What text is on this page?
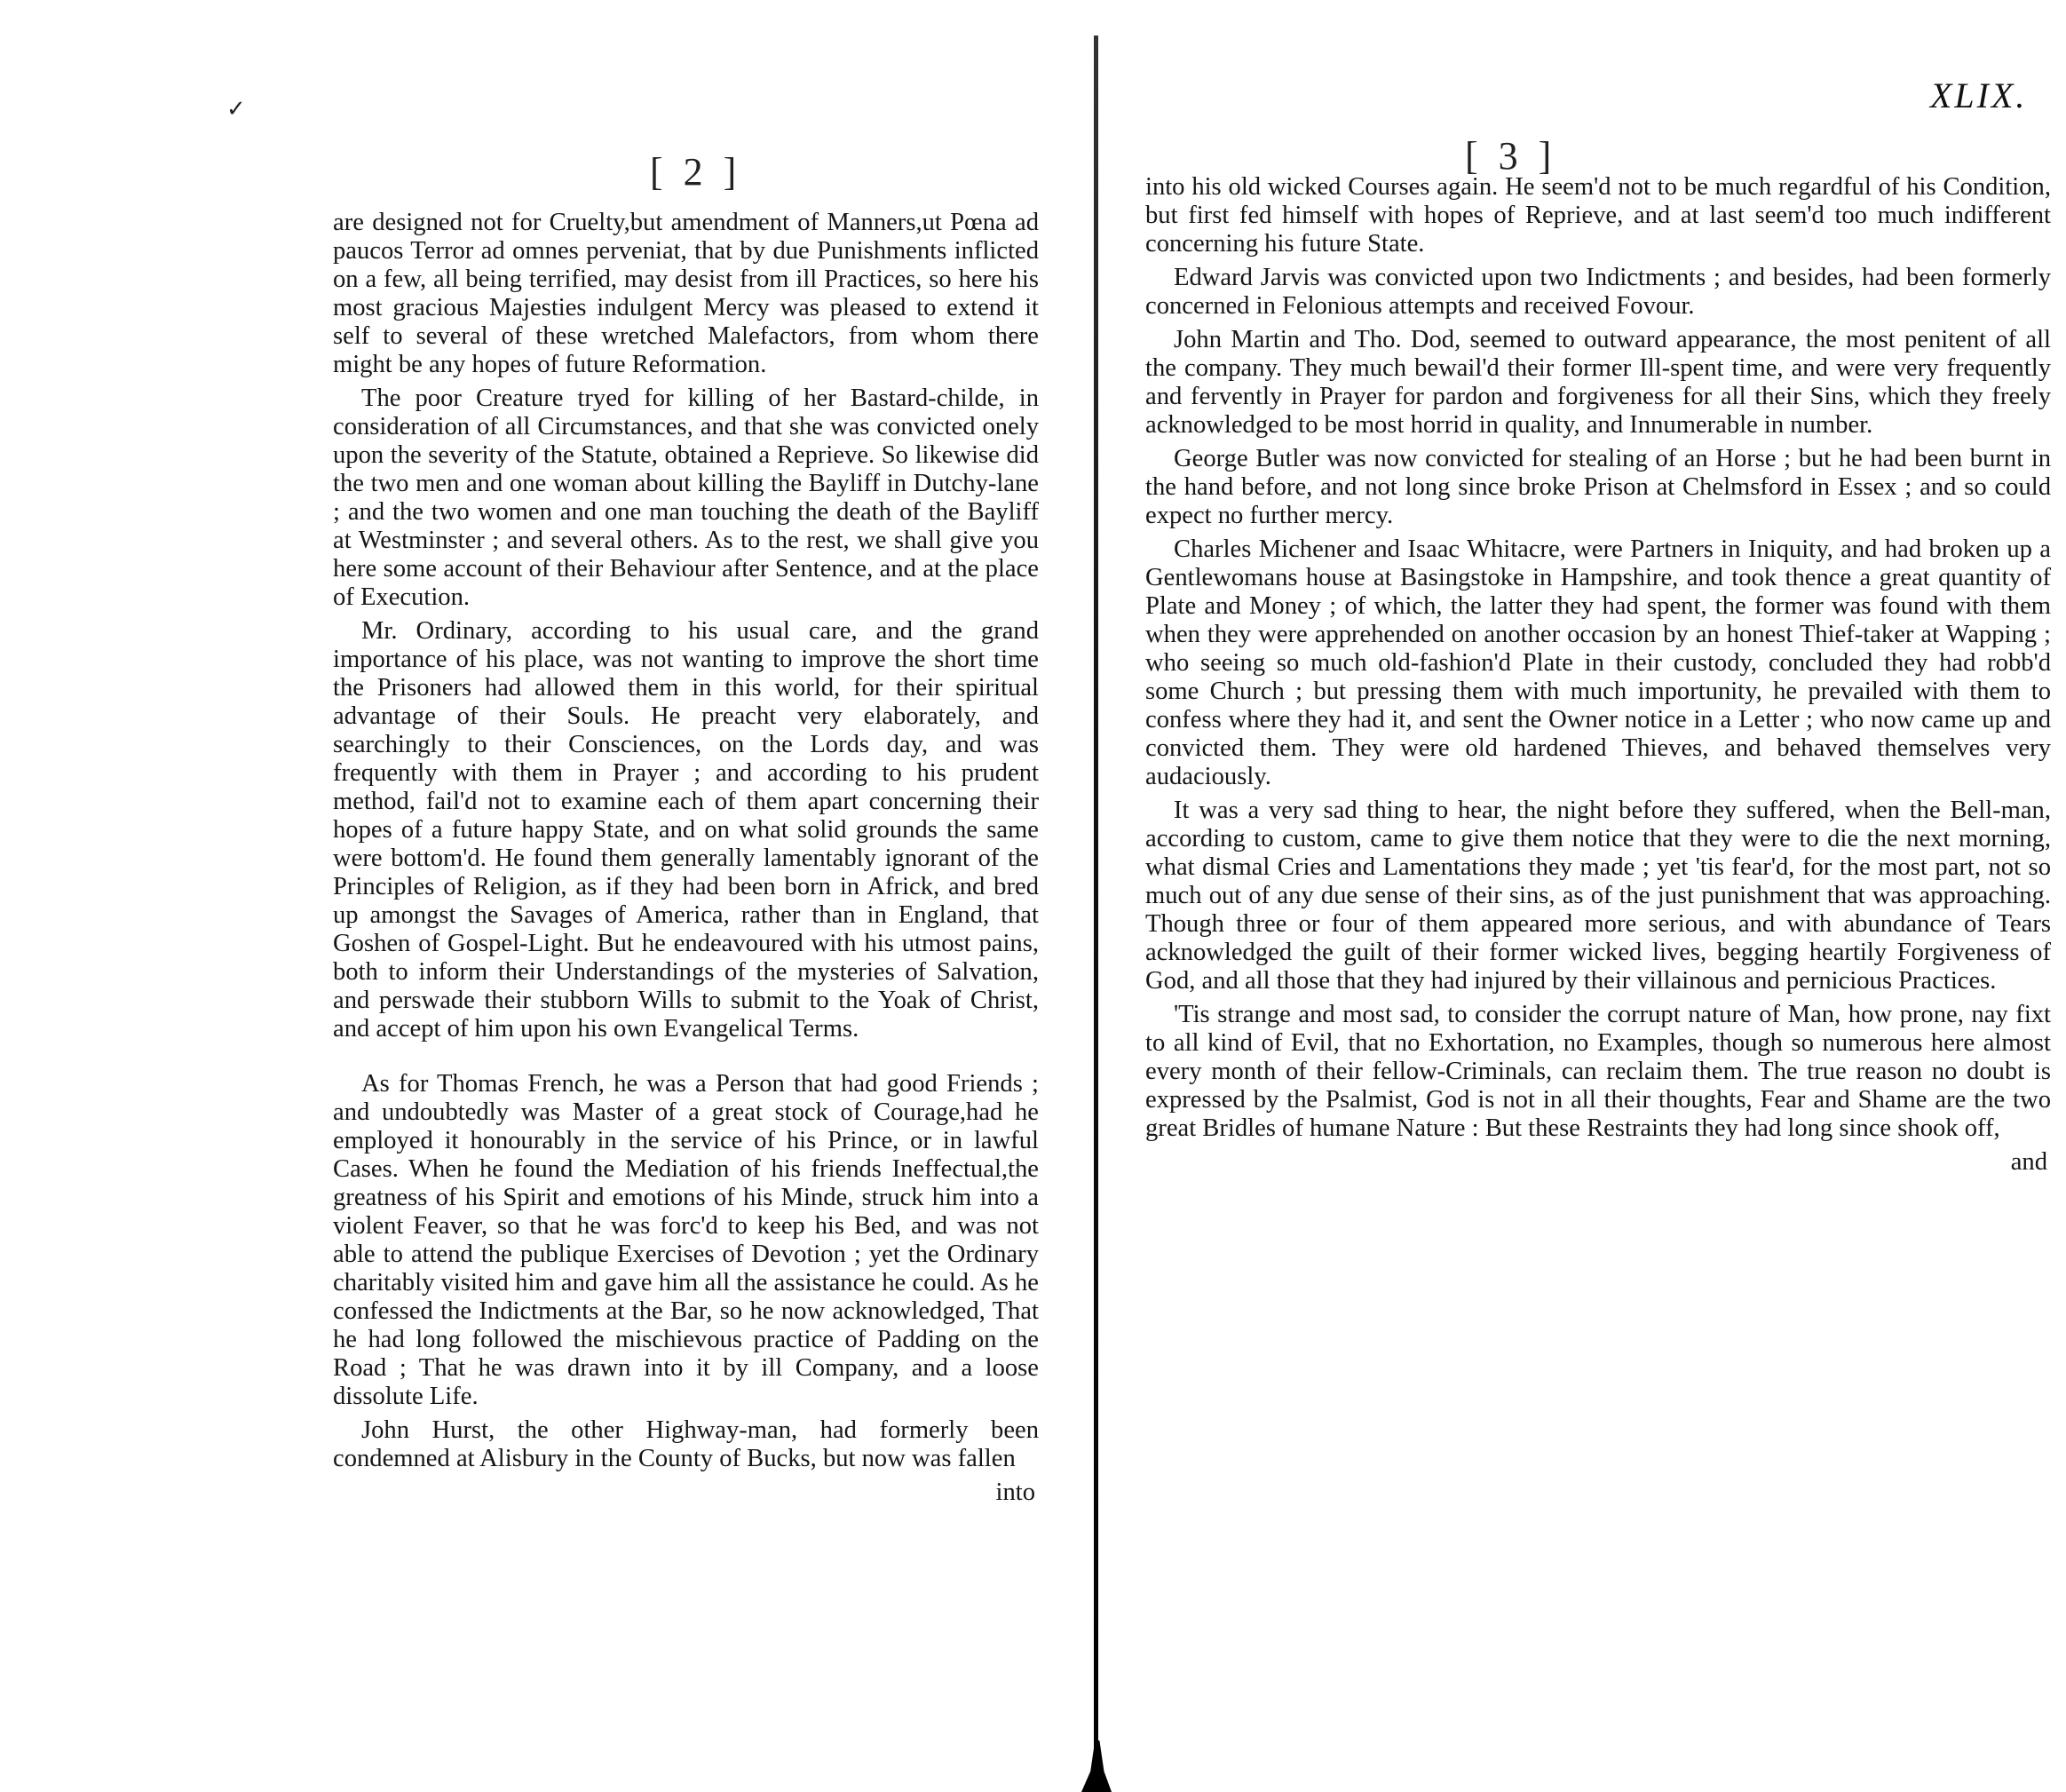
✓
[ 2 ]

are designed not for Cruelty,but amendment of Manners,ut Pœna ad paucos Terror ad omnes perveniat, that by due Punishments inflicted on a few, all being terrified, may desist from ill Practices, so here his most gracious Majesties indulgent Mercy was pleased to extend it self to several of these wretched Malefactors, from whom there might be any hopes of future Reformation.

The poor Creature tryed for killing of her Bastard-childe, in consideration of all Circumstances, and that she was convicted onely upon the severity of the Statute, obtained a Reprieve. So likewise did the two men and one woman about killing the Bayliff in Dutchy-lane ; and the two women and one man touching the death of the Bayliff at Westminster ; and several others. As to the rest, we shall give you here some account of their Behaviour after Sentence, and at the place of Execution.

Mr. Ordinary, according to his usual care, and the grand importance of his place, was not wanting to improve the short time the Prisoners had allowed them in this world, for their spiritual advantage of their Souls. He preacht very elaborately, and searchingly to their Consciences, on the Lords day, and was frequently with them in Prayer ; and according to his prudent method, fail'd not to examine each of them apart concerning their hopes of a future happy State, and on what solid grounds the same were bottom'd. He found them generally lamentably ignorant of the Principles of Religion, as if they had been born in Africk, and bred up amongst the Savages of America, rather than in England, that Goshen of Gospel-Light. But he endeavoured with his utmost pains, both to inform their Understandings of the mysteries of Salvation, and perswade their stubborn Wills to submit to the Yoak of Christ, and accept of him upon his own Evangelical Terms.

As for Thomas French, he was a Person that had good Friends ; and undoubtedly was Master of a great stock of Courage,had he employed it honourably in the service of his Prince, or in lawful Cases. When he found the Mediation of his friends Ineffectual,the greatness of his Spirit and emotions of his Minde, struck him into a violent Feaver, so that he was forc'd to keep his Bed, and was not able to attend the publique Exercises of Devotion ; yet the Ordinary charitably visited him and gave him all the assistance he could. As he confessed the Indictments at the Bar, so he now acknowledged, That he had long followed the mischievous practice of Padding on the Road ; That he was drawn into it by ill Company, and a loose dissolute Life.

John Hurst, the other Highway-man, had formerly been condemned at Alisbury in the County of Bucks, but now was fallen

into

[ 3 ]
XLIX.

into his old wicked Courses again. He seem'd not to be much regardful of his Condition, but first fed himself with hopes of Reprieve, and at last seem'd too much indifferent concerning his future State.

Edward Jarvis was convicted upon two Indictments ; and besides, had been formerly concerned in Felonious attempts and received Fovour.

John Martin and Tho. Dod, seemed to outward appearance, the most penitent of all the company. They much bewail'd their former Ill-spent time, and were very frequently and fervently in Prayer for pardon and forgiveness for all their Sins, which they freely acknowledged to be most horrid in quality, and Innumerable in number.

George Butler was now convicted for stealing of an Horse ; but he had been burnt in the hand before, and not long since broke Prison at Chelmsford in Essex ; and so could expect no further mercy.

Charles Michener and Isaac Whitacre, were Partners in Iniquity, and had broken up a Gentlewomans house at Basingstoke in Hampshire, and took thence a great quantity of Plate and Money ; of which, the latter they had spent, the former was found with them when they were apprehended on another occasion by an honest Thief-taker at Wapping ; who seeing so much old-fashion'd Plate in their custody, concluded they had robb'd some Church ; but pressing them with much importunity, he prevailed with them to confess where they had it, and sent the Owner notice in a Letter ; who now came up and convicted them. They were old hardened Thieves, and behaved themselves very audaciously.

It was a very sad thing to hear, the night before they suffered, when the Bell-man, according to custom, came to give them notice that they were to die the next morning, what dismal Cries and Lamentations they made ; yet 'tis fear'd, for the most part, not so much out of any due sense of their sins, as of the just punishment that was approaching. Though three or four of them appeared more serious, and with abundance of Tears acknowledged the guilt of their former wicked lives, begging heartily Forgiveness of God, and all those that they had injured by their villainous and pernicious Practices.

'Tis strange and most sad, to consider the corrupt nature of Man, how prone, nay fixt to all kind of Evil, that no Exhortation, no Examples, though so numerous here almost every month of their fellow-Criminals, can reclaim them. The true reason no doubt is expressed by the Psalmist, God is not in all their thoughts, Fear and Shame are the two great Bridles of humane Nature : But these Restraints they had long since shook off,

and
